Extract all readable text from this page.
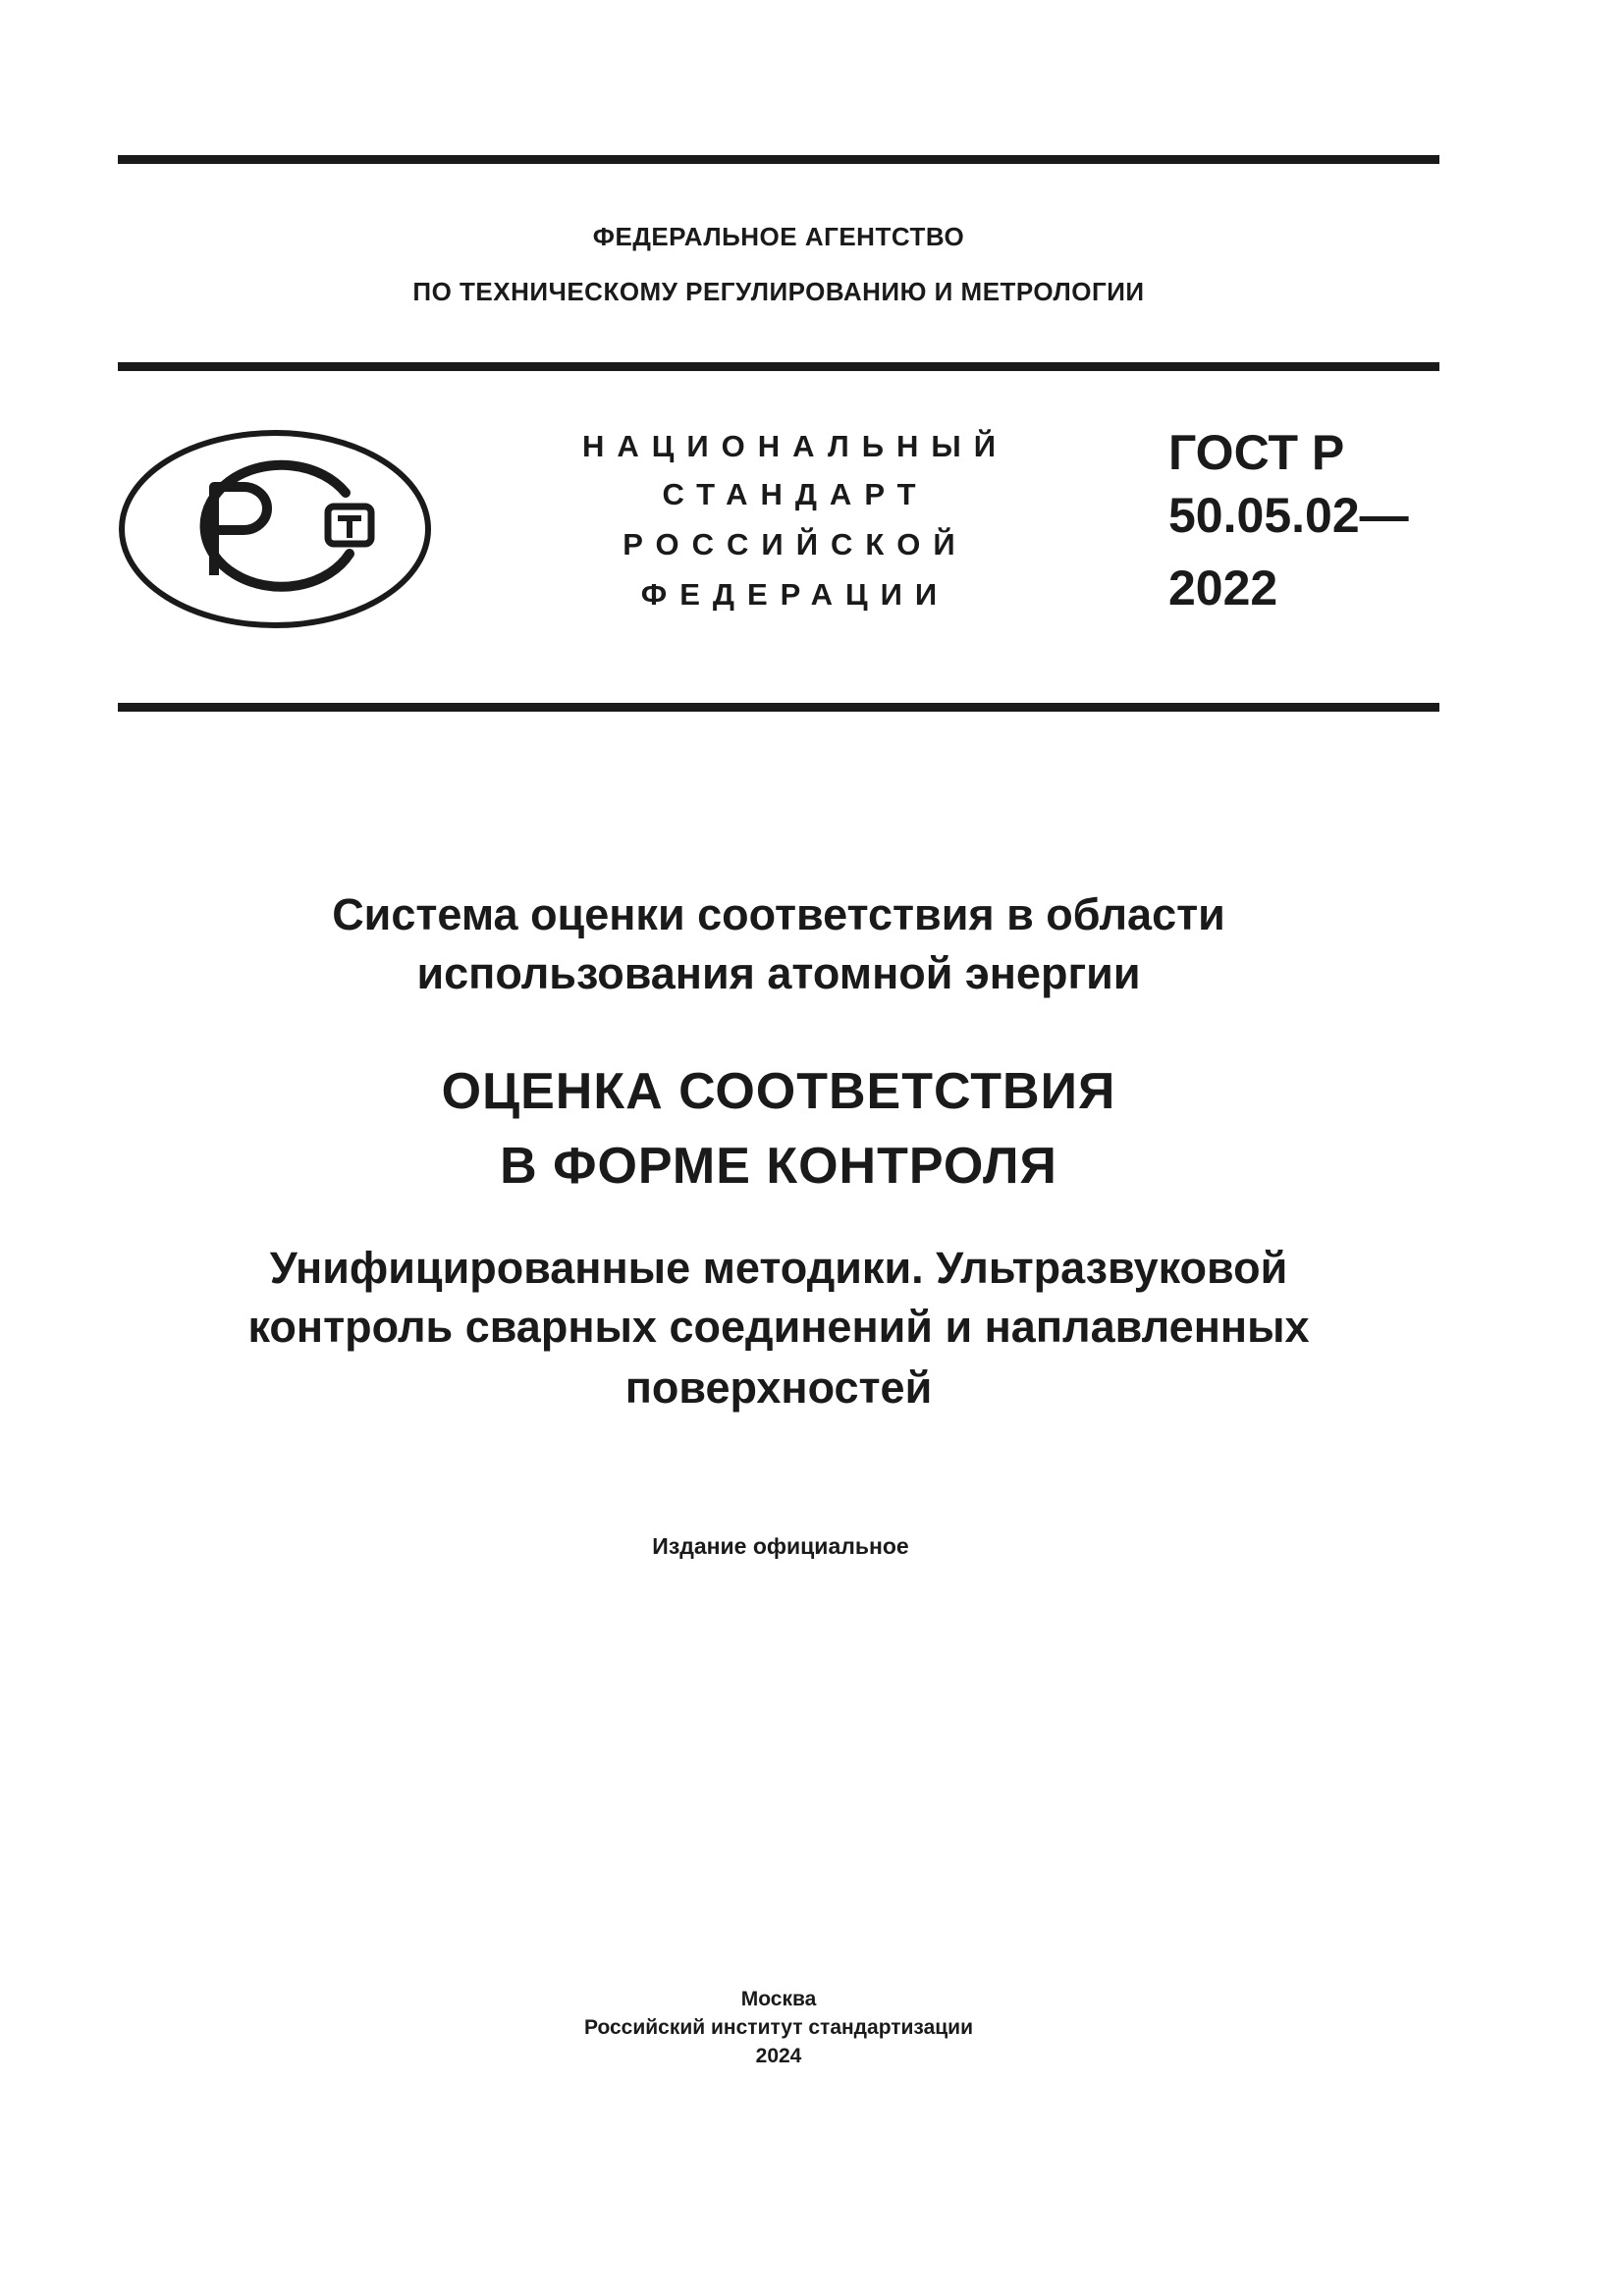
ФЕДЕРАЛЬНОЕ АГЕНТСТВО
ПО ТЕХНИЧЕСКОМУ РЕГУЛИРОВАНИЮ И МЕТРОЛОГИИ
НАЦИОНАЛЬНЫЙ
СТАНДАРТ
РОССИЙСКОЙ
ФЕДЕРАЦИИ
ГОСТ Р
50.05.02—
2022
Система оценки соответствия в области
использования атомной энергии
ОЦЕНКА СООТВЕТСТВИЯ
В ФОРМЕ КОНТРОЛЯ
Унифицированные методики. Ультразвуковой
контроль сварных соединений и наплавленных
поверхностей
Издание официальное
Москва
Российский институт стандартизации
2024
